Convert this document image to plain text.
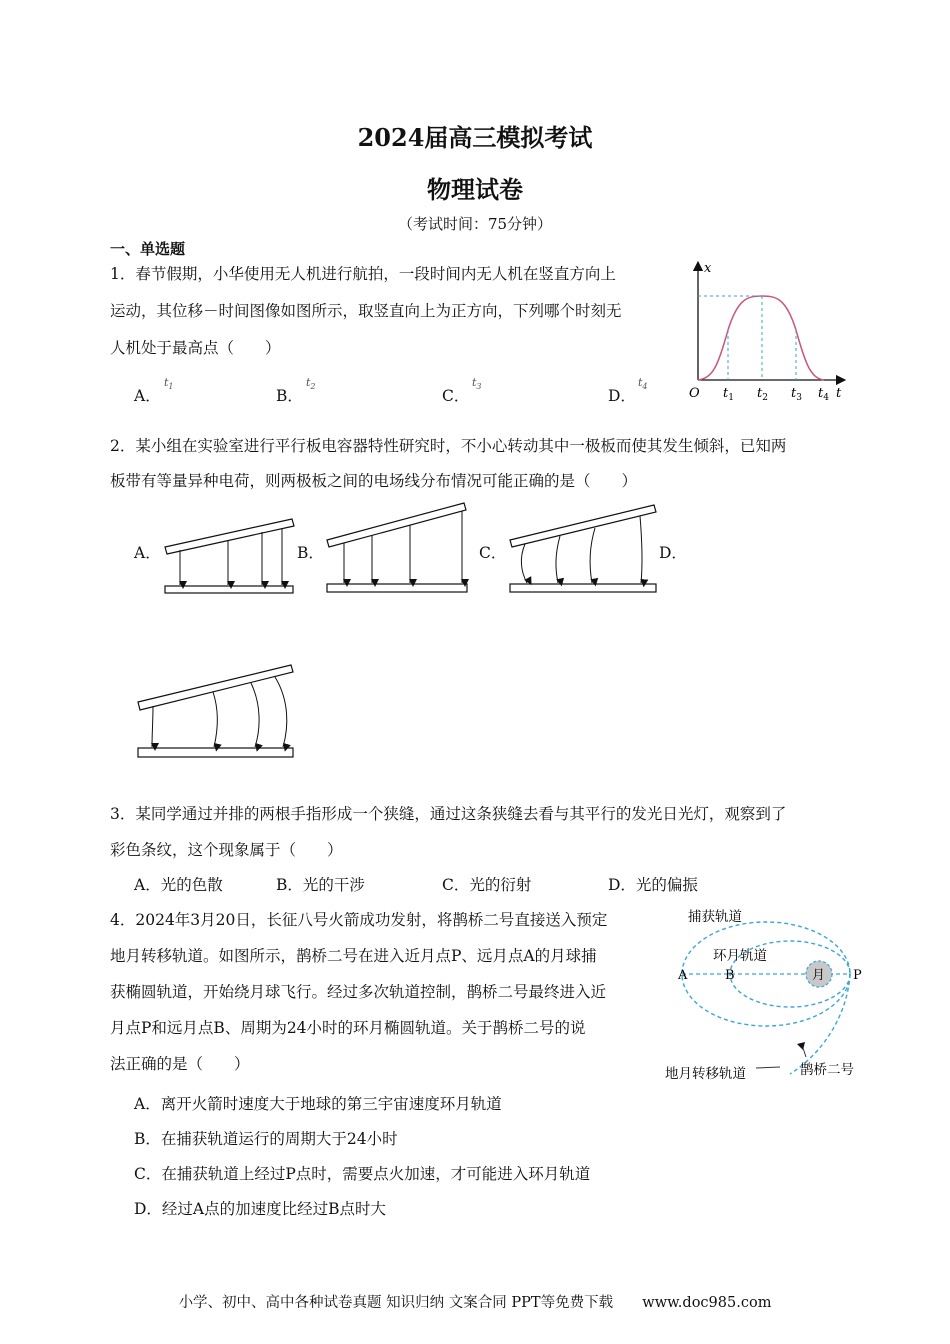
2024届高三模拟考试
物理试卷
（考试时间：75分钟）
一、单选题
1．春节假期，小华使用无人机进行航拍，一段时间内无人机在竖直方向上
运动，其位移－时间图像如图所示，取竖直向上为正方向，下列哪个时刻无
人机处于最高点（　　）
A．
$t_1$
B．
$t_2$
C．
$t_3$
D．
$t_4$
x
t
O $t_1$ $t_2$ $t_3$ $t_4$
2．某小组在实验室进行平行板电容器特性研究时，不小心转动其中一极板而使其发生倾斜，已知两
板带有等量异种电荷，则两极板之间的电场线分布情况可能正确的是（　　）
A．	B．	C．	D．
3．某同学通过并排的两根手指形成一个狭缝，通过这条狭缝去看与其平行的发光日光灯，观察到了
彩色条纹，这个现象属于（　　）
A．光的色散	B．光的干涉	C．光的衍射	D．光的偏振
4．2024年3月20日，长征八号火箭成功发射，将鹊桥二号直接送入预定
地月转移轨道。如图所示，鹊桥二号在进入近月点P、远月点A的月球捕
获椭圆轨道，开始绕月球飞行。经过多次轨道控制，鹊桥二号最终进入近
月点P和远月点B、周期为24小时的环月椭圆轨道。关于鹊桥二号的说
法正确的是（　　）
A．离开火箭时速度大于地球的第三宇宙速度环月轨道
B．在捕获轨道运行的周期大于24小时
C．在捕获轨道上经过P点时，需要点火加速，才可能进入环月轨道
D．经过A点的加速度比经过B点时大
捕获轨道
环月轨道
月
A	B	P
地月转移轨道	鹊桥二号
小学、初中、高中各种试卷真题 知识归纳 文案合同 PPT等免费下载 www.doc985.com
